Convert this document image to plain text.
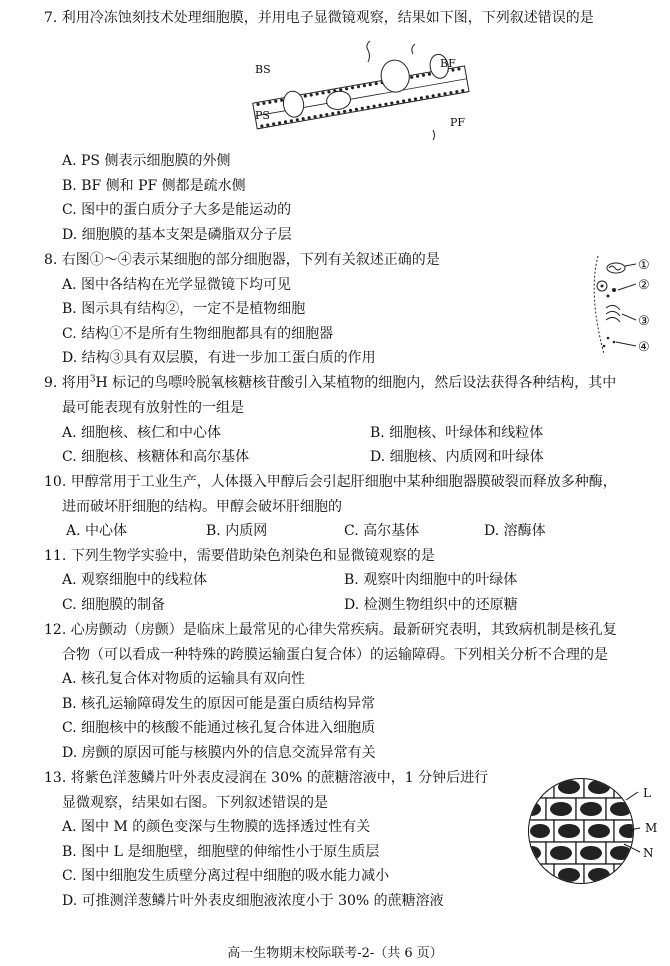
7. 利用冷冻蚀刻技术处理细胞膜，并用电子显微镜观察，结果如下图，下列叙述错误的是
BS
PS
BF
PF
A. PS 侧表示细胞膜的外侧
B. BF 侧和 PF 侧都是疏水侧
C. 图中的蛋白质分子大多是能运动的
D. 细胞膜的基本支架是磷脂双分子层
8. 右图①～④表示某细胞的部分细胞器，下列有关叙述正确的是
A. 图中各结构在光学显微镜下均可见
B. 图示具有结构②，一定不是植物细胞
C. 结构①不是所有生物细胞都具有的细胞器
D. 结构③具有双层膜，有进一步加工蛋白质的作用
①
②
③
④
9. 将用$^3$H 标记的鸟嘌呤脱氧核糖核苷酸引入某植物的细胞内，然后设法获得各种结构，其中
最可能表现有放射性的一组是
A. 细胞核、核仁和中心体	B. 细胞核、叶绿体和线粒体
C. 细胞核、核糖体和高尔基体	D. 细胞核、内质网和叶绿体
10. 甲醇常用于工业生产，人体摄入甲醇后会引起肝细胞中某种细胞器膜破裂而释放多种酶，
进而破坏肝细胞的结构。甲醇会破坏肝细胞的
A. 中心体	B. 内质网	C. 高尔基体	D. 溶酶体
11. 下列生物学实验中，需要借助染色剂染色和显微镜观察的是
A. 观察细胞中的线粒体	B. 观察叶肉细胞中的叶绿体
C. 细胞膜的制备	D. 检测生物组织中的还原糖
12. 心房颤动（房颤）是临床上最常见的心律失常疾病。最新研究表明，其致病机制是核孔复
合物（可以看成一种特殊的跨膜运输蛋白复合体）的运输障碍。下列相关分析不合理的是
A. 核孔复合体对物质的运输具有双向性
B. 核孔运输障碍发生的原因可能是蛋白质结构异常
C. 细胞核中的核酸不能通过核孔复合体进入细胞质
D. 房颤的原因可能与核膜内外的信息交流异常有关
13. 将紫色洋葱鳞片叶外表皮浸润在 30% 的蔗糖溶液中，1 分钟后进行
显微观察，结果如右图。下列叙述错误的是
A. 图中 M 的颜色变深与生物膜的选择透过性有关
B. 图中 L 是细胞壁，细胞壁的伸缩性小于原生质层
C. 图中细胞发生质壁分离过程中细胞的吸水能力减小
D. 可推测洋葱鳞片叶外表皮细胞液浓度小于 30% 的蔗糖溶液
L
M
N
高一生物期末校际联考-2-（共 6 页）
